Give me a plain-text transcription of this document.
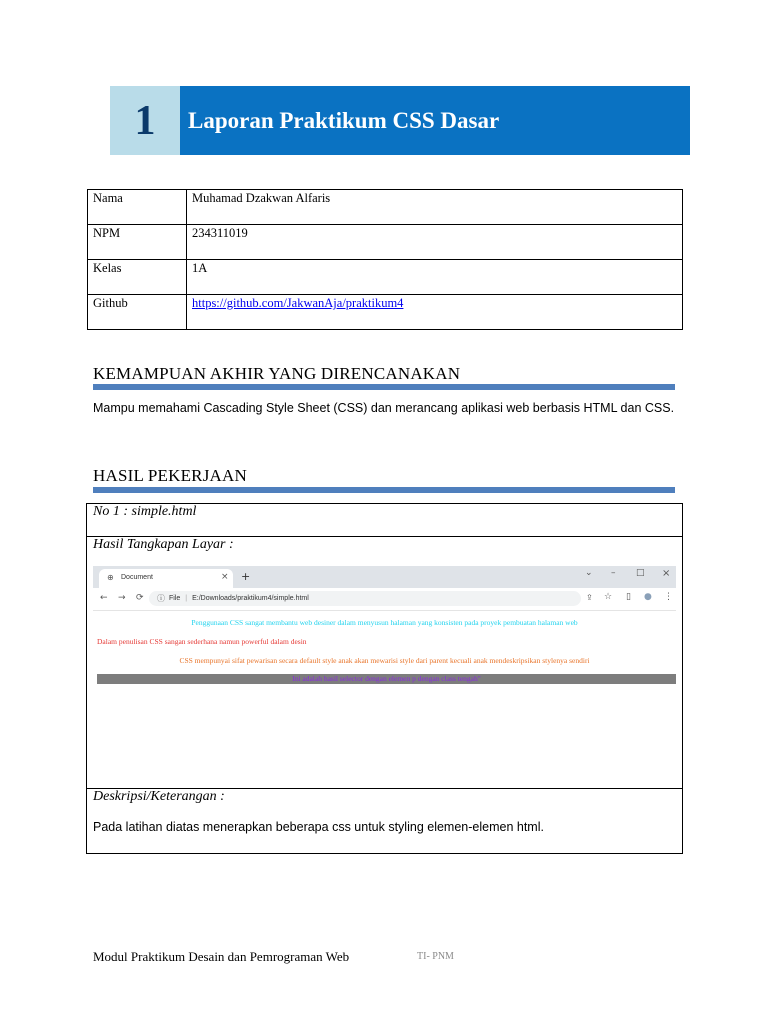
1	Laporan Praktikum CSS Dasar
Nama	Muhamad Dzakwan Alfaris
NPM	234311019
Kelas	1A
Github	https://github.com/JakwanAja/praktikum4
KEMAMPUAN AKHIR YANG DIRENCANAKAN
Mampu memahami Cascading Style Sheet (CSS) dan merancang aplikasi web berbasis HTML dan CSS.
HASIL PEKERJAAN
No 1 : simple.html
Hasil Tangkapan Layar :
Deskripsi/Keterangan :
Pada latihan diatas menerapkan beberapa css untuk styling elemen-elemen html.
⊕ Document	× +	⌄ – □ ×
← → ⟳ ⓘ File | E:/Downloads/praktikum4/simple.html	⇪ ☆ ▯ ● ⋮
Penggunaan CSS sangat membantu web desiner dalam menyusun halaman yang konsisten pada proyek pembuatan halaman web
Dalam penulisan CSS sangan sederhana namun powerful dalam desin
CSS mempunyai sifat pewarisan secara default style anak akan mewarisi style dari parent kecuali anak mendeskripsikan stylenya sendiri
Ini adalah hasil selector dengan elemen p dengan class tengah"
Modul Praktikum Desain dan Pemrograman Web	TI- PNM
